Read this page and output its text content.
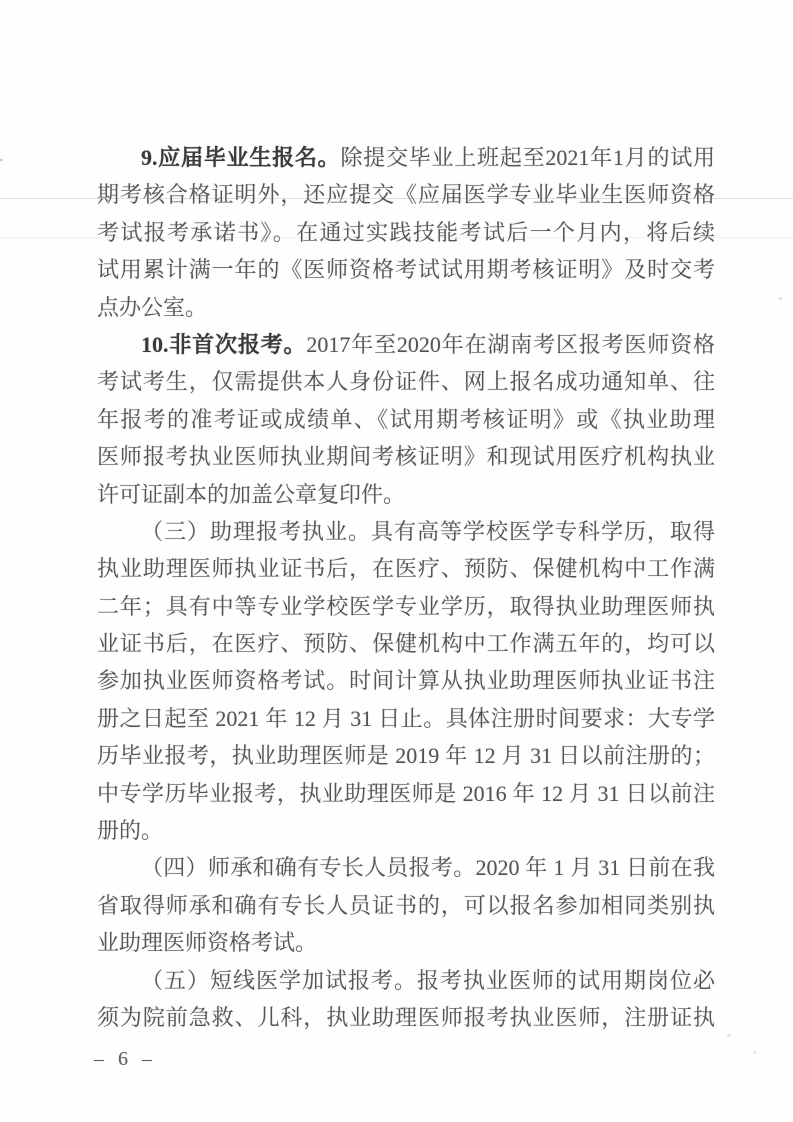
9.应届毕业生报名。除提交毕业上班起至2021年1月的试用
期考核合格证明外，还应提交《应届医学专业毕业生医师资格
考试报考承诺书》。在通过实践技能考试后一个月内，将后续
试用累计满一年的《医师资格考试试用期考核证明》及时交考
点办公室。
10.非首次报考。2017年至2020年在湖南考区报考医师资格
考试考生，仅需提供本人身份证件、网上报名成功通知单、往
年报考的准考证或成绩单、《试用期考核证明》或《执业助理
医师报考执业医师执业期间考核证明》和现试用医疗机构执业
许可证副本的加盖公章复印件。
（三）助理报考执业。具有高等学校医学专科学历，取得
执业助理医师执业证书后，在医疗、预防、保健机构中工作满
二年；具有中等专业学校医学专业学历，取得执业助理医师执
业证书后，在医疗、预防、保健机构中工作满五年的，均可以
参加执业医师资格考试。时间计算从执业助理医师执业证书注
册之日起至 2021 年 12 月 31 日止。具体注册时间要求：大专学
历毕业报考，执业助理医师是 2019 年 12 月 31 日以前注册的；
中专学历毕业报考，执业助理医师是 2016 年 12 月 31 日以前注
册的。
（四）师承和确有专长人员报考。2020 年 1 月 31 日前在我
省取得师承和确有专长人员证书的，可以报名参加相同类别执
业助理医师资格考试。
（五）短线医学加试报考。报考执业医师的试用期岗位必
须为院前急救、儿科，执业助理医师报考执业医师，注册证执
– 6 –
